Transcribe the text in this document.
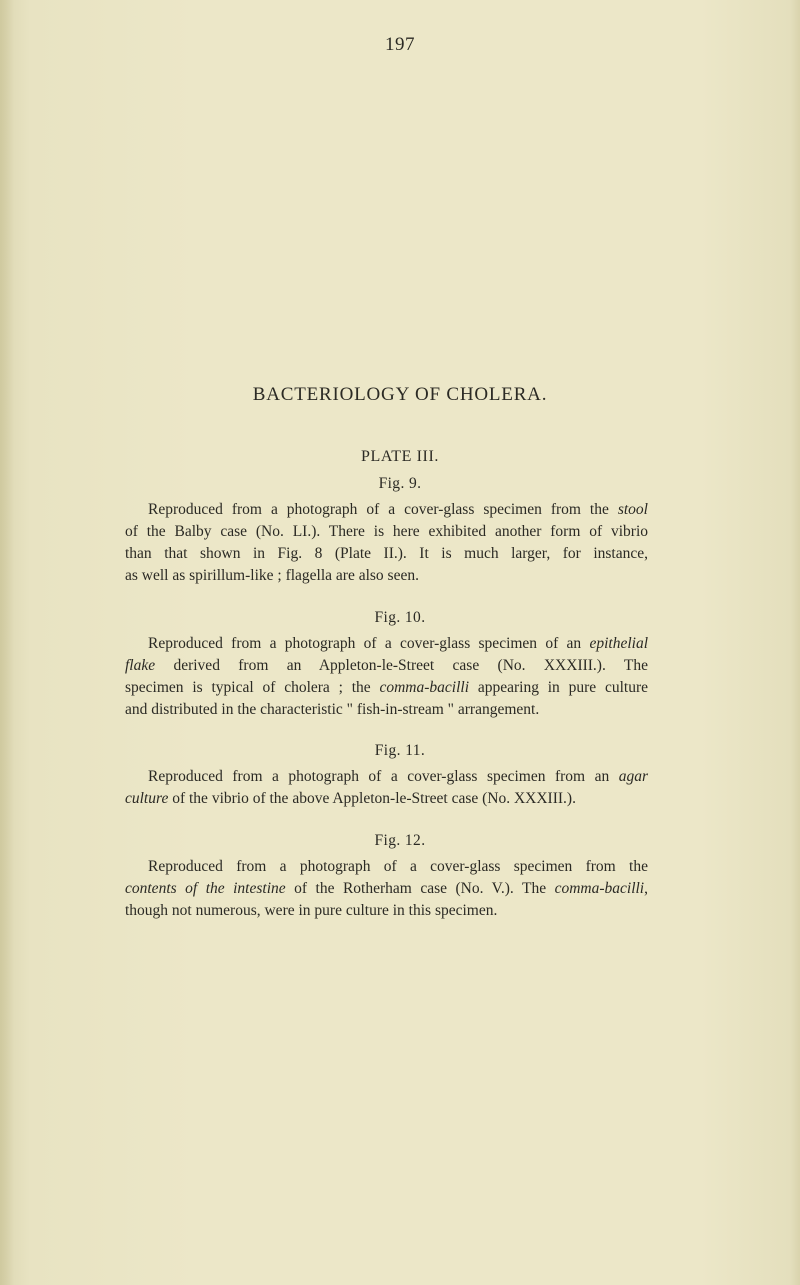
197
BACTERIOLOGY OF CHOLERA.
PLATE III.
Fig. 9.
Reproduced from a photograph of a cover-glass specimen from the stool
of the Balby case (No. LI.). There is here exhibited another form of vibrio
than that shown in Fig. 8 (Plate II.). It is much larger, for instance,
as well as spirillum-like ; flagella are also seen.
Fig. 10.
Reproduced from a photograph of a cover-glass specimen of an epithelial
flake derived from an Appleton-le-Street case (No. XXXIII.). The
specimen is typical of cholera ; the comma-bacilli appearing in pure culture
and distributed in the characteristic " fish-in-stream " arrangement.
Fig. 11.
Reproduced from a photograph of a cover-glass specimen from an agar
culture of the vibrio of the above Appleton-le-Street case (No. XXXIII.).
Fig. 12.
Reproduced from a photograph of a cover-glass specimen from the
contents of the intestine of the Rotherham case (No. V.). The comma-bacilli,
though not numerous, were in pure culture in this specimen.
